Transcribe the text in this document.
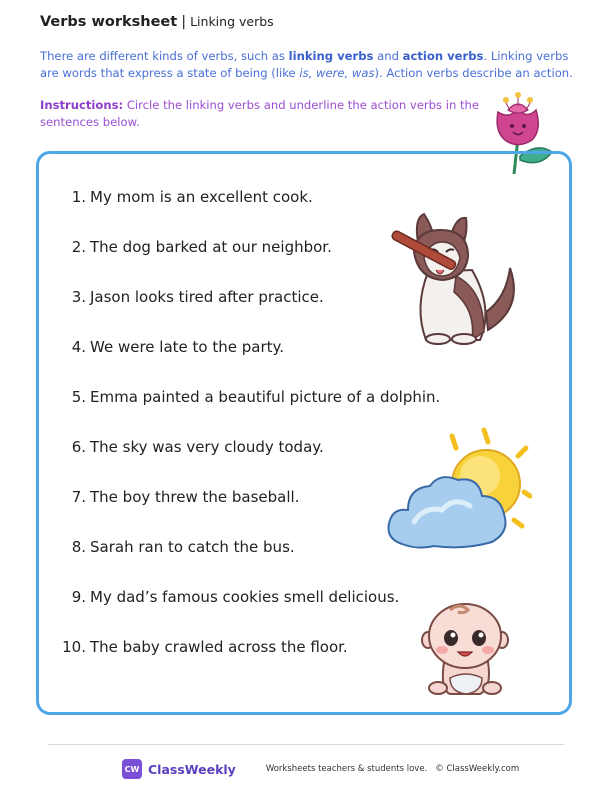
Verbs worksheet | Linking verbs
There are different kinds of verbs, such as linking verbs and action verbs. Linking verbs are words that express a state of being (like is, were, was). Action verbs describe an action.
Instructions: Circle the linking verbs and underline the action verbs in the sentences below.
1. My mom is an excellent cook.
2. The dog barked at our neighbor.
3. Jason looks tired after practice.
4. We were late to the party.
5. Emma painted a beautiful picture of a dolphin.
6. The sky was very cloudy today.
7. The boy threw the baseball.
8. Sarah ran to catch the bus.
9. My dad’s famous cookies smell delicious.
10. The baby crawled across the floor.
CW ClassWeekly	Worksheets teachers & students love. © ClassWeekly.com
